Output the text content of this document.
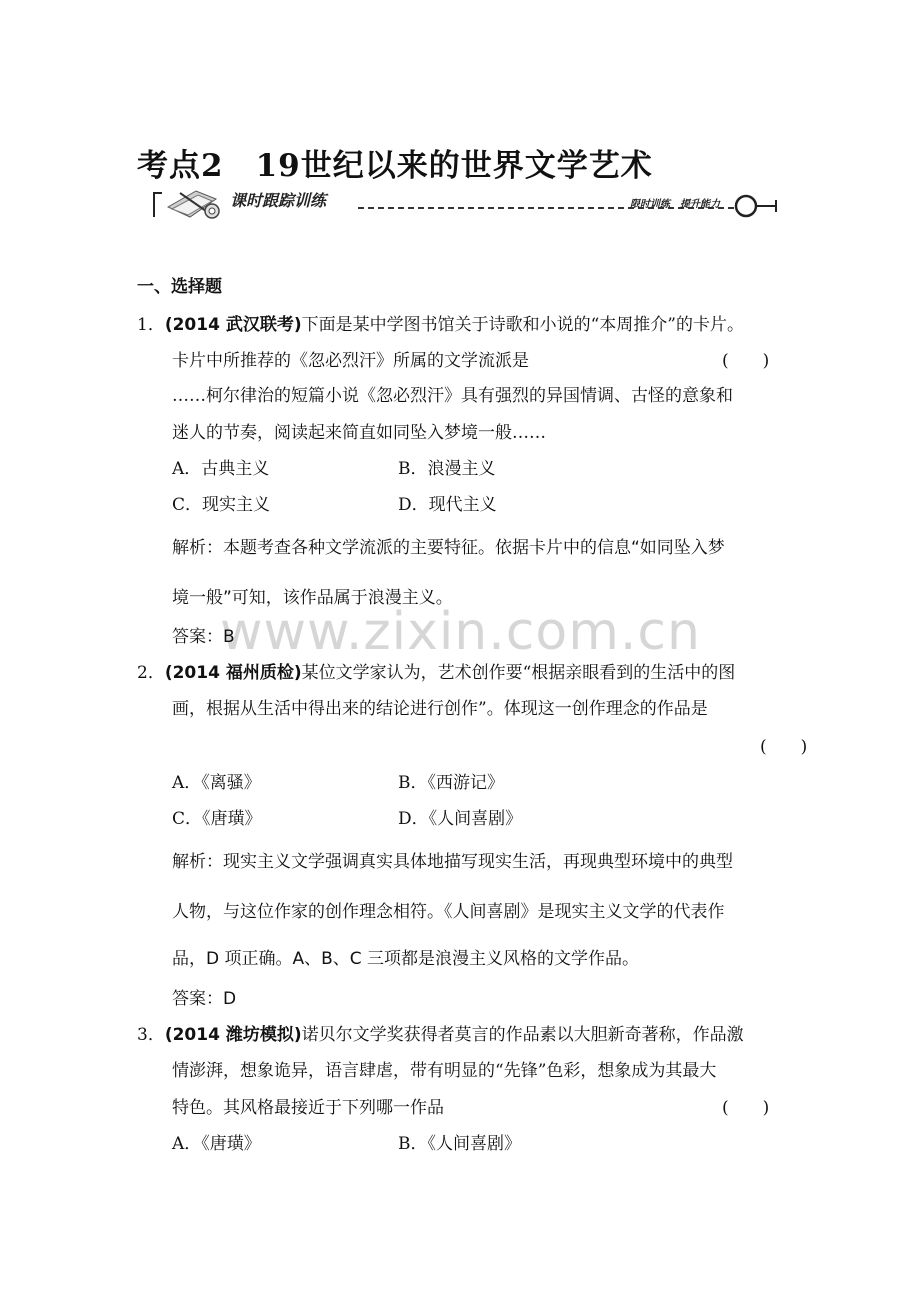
考点2　19世纪以来的世界文学艺术
课时跟踪训练	限时训练　提升能力
www.zixin.com.cn
一、选择题
1．(2014 武汉联考)下面是某中学图书馆关于诗歌和小说的“本周推介”的卡片。
卡片中所推荐的《忽必烈汗》所属的文学流派是	(　　)
……柯尔律治的短篇小说《忽必烈汗》具有强烈的异国情调、古怪的意象和
迷人的节奏，阅读起来简直如同坠入梦境一般……
A．古典主义	B．浪漫主义
C．现实主义	D．现代主义
解析：本题考查各种文学流派的主要特征。依据卡片中的信息“如同坠入梦
境一般”可知，该作品属于浪漫主义。
答案：B
2．(2014 福州质检)某位文学家认为，艺术创作要“根据亲眼看到的生活中的图
画，根据从生活中得出来的结论进行创作”。体现这一创作理念的作品是
(　　)
A．《离骚》	B．《西游记》
C．《唐璜》	D．《人间喜剧》
解析：现实主义文学强调真实具体地描写现实生活，再现典型环境中的典型
人物，与这位作家的创作理念相符。《人间喜剧》是现实主义文学的代表作
品，D 项正确。A、B、C 三项都是浪漫主义风格的文学作品。
答案：D
3．(2014 潍坊模拟)诺贝尔文学奖获得者莫言的作品素以大胆新奇著称，作品激
情澎湃，想象诡异，语言肆虐，带有明显的“先锋”色彩，想象成为其最大
特色。其风格最接近于下列哪一作品	(　　)
A．《唐璜》	B．《人间喜剧》
